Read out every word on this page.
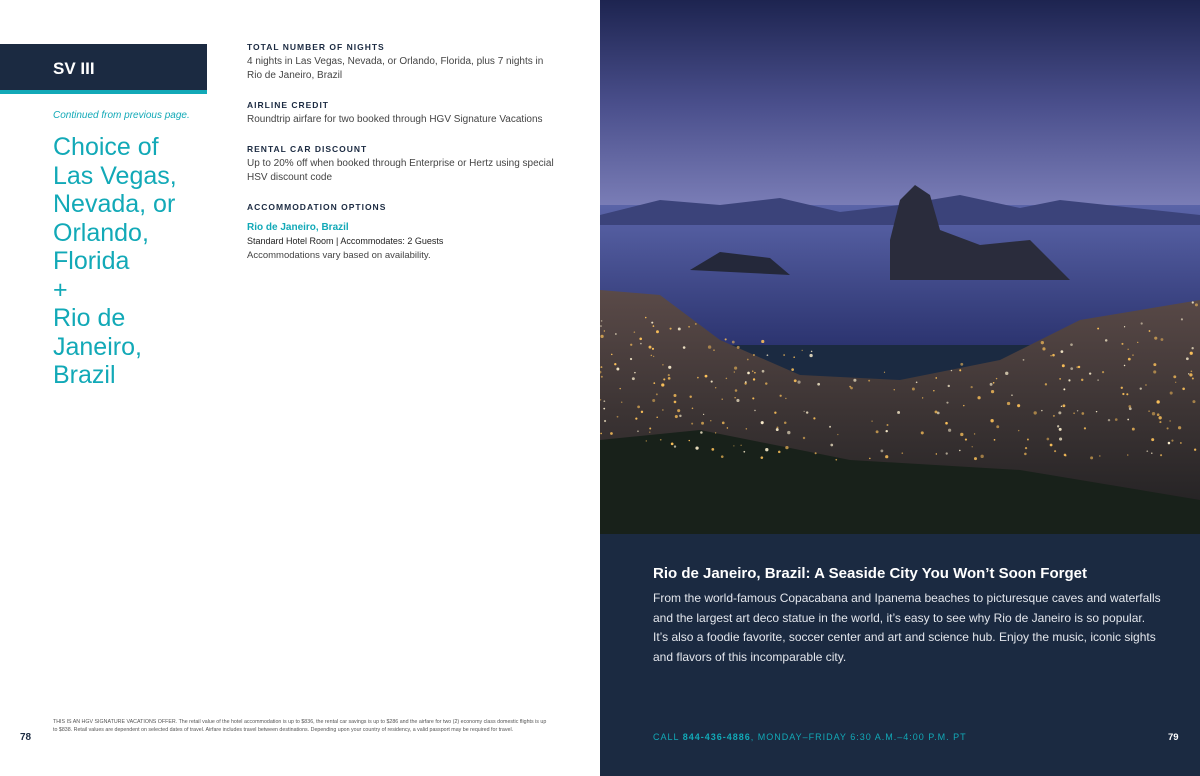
SV III
Continued from previous page.
Choice of
Las Vegas,
Nevada, or
Orlando,
Florida
+
Rio de
Janeiro,
Brazil
TOTAL NUMBER OF NIGHTS
4 nights in Las Vegas, Nevada, or Orlando, Florida, plus 7 nights in Rio de Janeiro, Brazil
AIRLINE CREDIT
Roundtrip airfare for two booked through HGV Signature Vacations
RENTAL CAR DISCOUNT
Up to 20% off when booked through Enterprise or Hertz using special HSV discount code
ACCOMMODATION OPTIONS
Rio de Janeiro, Brazil
Standard Hotel Room | Accommodates: 2 Guests
Accommodations vary based on availability.
78
THIS IS AN HGV SIGNATURE VACATIONS OFFER. The retail value of the hotel accommodation is up to $836, the rental car savings is up to $286 and the airfare for two (2) economy class domestic flights is up to $838. Retail values are dependent on selected dates of travel. Airfare includes travel between destinations. Depending upon your country of residency, a valid passport may be required for travel.
Rio de Janeiro, Brazil: A Seaside City You Won’t Soon Forget
From the world-famous Copacabana and Ipanema beaches to picturesque caves and waterfalls and the largest art deco statue in the world, it’s easy to see why Rio de Janeiro is so popular. It’s also a foodie favorite, soccer center and art and science hub. Enjoy the music, iconic sights and flavors of this incomparable city.
CALL 844-436-4886, MONDAY–FRIDAY 6:30 A.M.–4:00 P.M. PT	79
